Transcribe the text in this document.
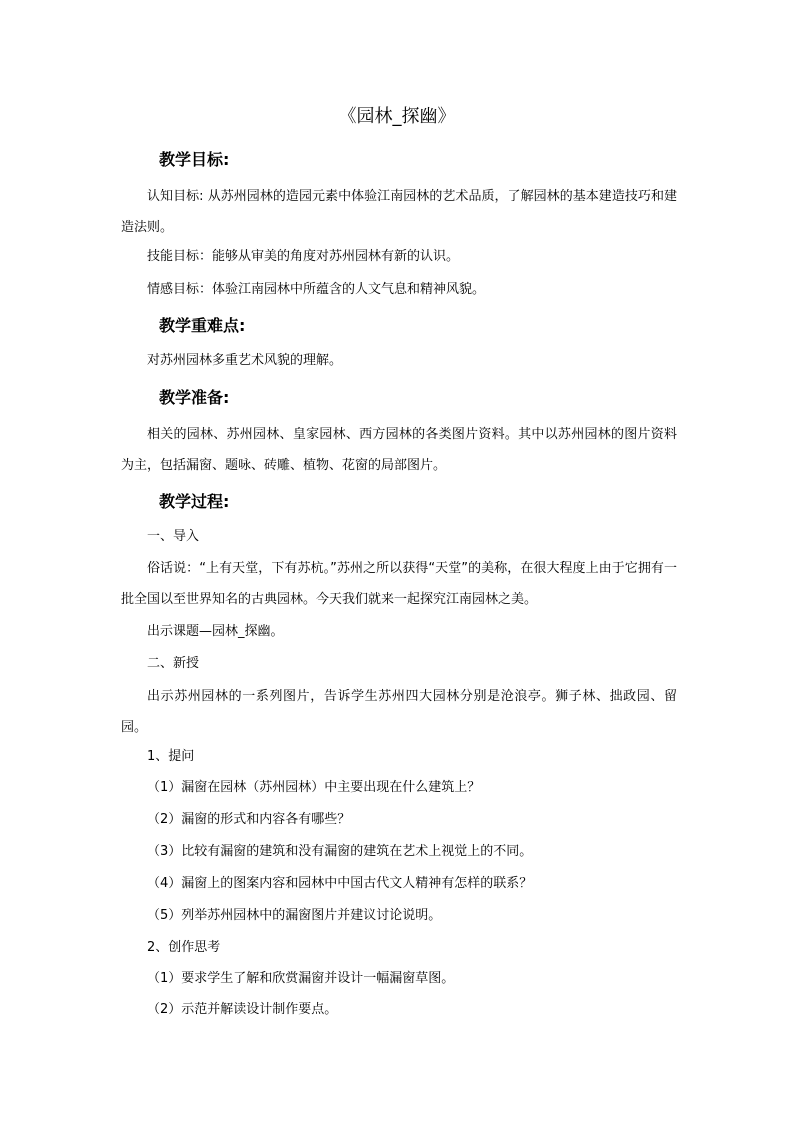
《园林_探幽》
教学目标:

认知目标: 从苏州园林的造园元素中体验江南园林的艺术品质，了解园林的基本建造技巧和建造法则。

技能目标：能够从审美的角度对苏州园林有新的认识。
情感目标：体验江南园林中所蕴含的人文气息和精神风貌。
教学重难点:
对苏州园林多重艺术风貌的理解。
教学准备:

相关的园林、苏州园林、皇家园林、西方园林的各类图片资料。其中以苏州园林的图片资料为主，包括漏窗、题咏、砖雕、植物、花窗的局部图片。

教学过程:
一、导入

俗话说：“上有天堂，下有苏杭。”苏州之所以获得“天堂”的美称，在很大程度上由于它拥有一批全国以至世界知名的古典园林。今天我们就来一起探究江南园林之美。

出示课题—园林_探幽。
二、新授

出示苏州园林的一系列图片，告诉学生苏州四大园林分别是沧浪亭。狮子林、拙政园、留园。

1、提问
（1）漏窗在园林（苏州园林）中主要出现在什么建筑上？
（2）漏窗的形式和内容各有哪些？
（3）比较有漏窗的建筑和没有漏窗的建筑在艺术上视觉上的不同。
（4）漏窗上的图案内容和园林中中国古代文人精神有怎样的联系？
（5）列举苏州园林中的漏窗图片并建议讨论说明。
2、创作思考
（1）要求学生了解和欣赏漏窗并设计一幅漏窗草图。
（2）示范并解读设计制作要点。
